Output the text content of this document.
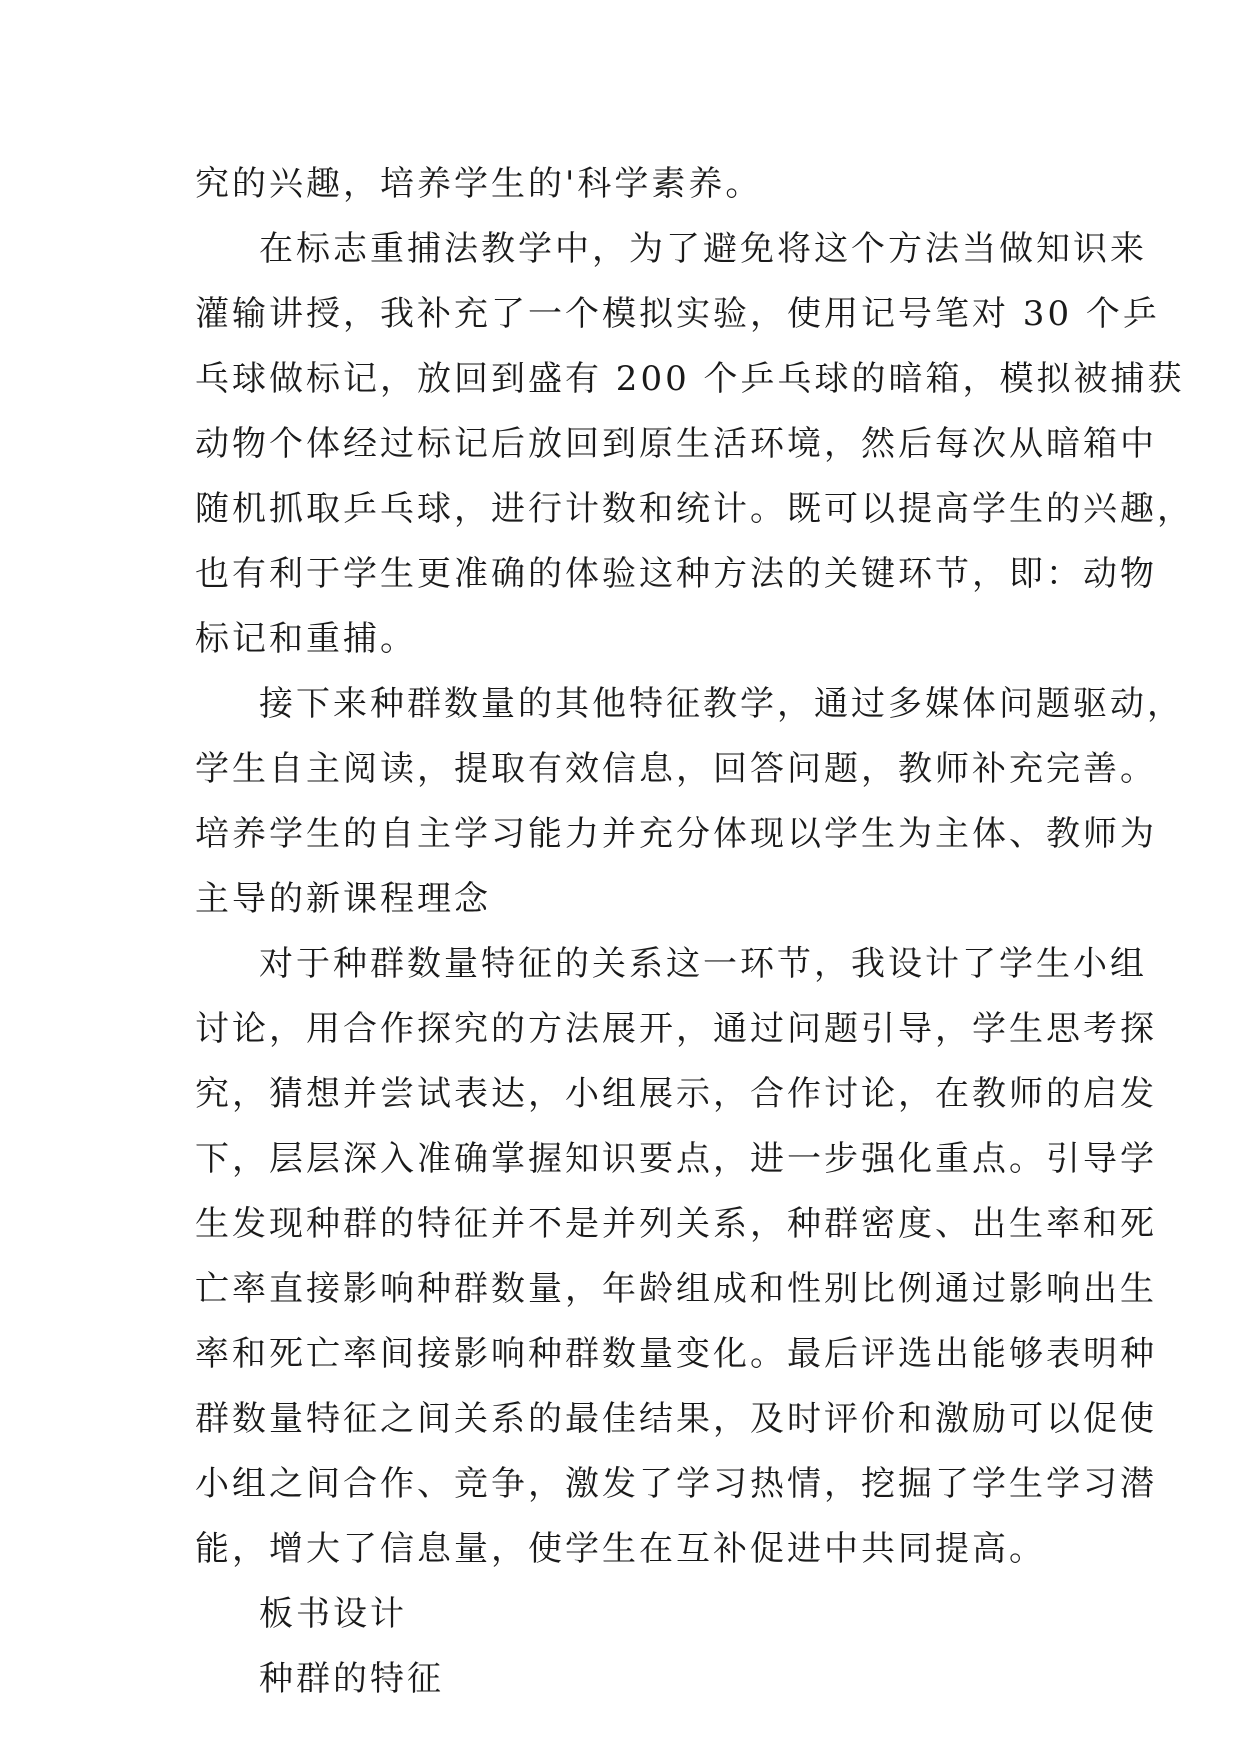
究的兴趣，培养学生的'科学素养。
在标志重捕法教学中，为了避免将这个方法当做知识来
灌输讲授，我补充了一个模拟实验，使用记号笔对 30 个乒
乓球做标记，放回到盛有 200 个乒乓球的暗箱，模拟被捕获
动物个体经过标记后放回到原生活环境，然后每次从暗箱中
随机抓取乒乓球，进行计数和统计。既可以提高学生的兴趣，
也有利于学生更准确的体验这种方法的关键环节，即：动物
标记和重捕。
接下来种群数量的其他特征教学，通过多媒体问题驱动，
学生自主阅读，提取有效信息，回答问题，教师补充完善。
培养学生的自主学习能力并充分体现以学生为主体、教师为
主导的新课程理念
对于种群数量特征的关系这一环节，我设计了学生小组
讨论，用合作探究的方法展开，通过问题引导，学生思考探
究，猜想并尝试表达，小组展示，合作讨论，在教师的启发
下，层层深入准确掌握知识要点，进一步强化重点。引导学
生发现种群的特征并不是并列关系，种群密度、出生率和死
亡率直接影响种群数量，年龄组成和性别比例通过影响出生
率和死亡率间接影响种群数量变化。最后评选出能够表明种
群数量特征之间关系的最佳结果，及时评价和激励可以促使
小组之间合作、竞争，激发了学习热情，挖掘了学生学习潜
能，增大了信息量，使学生在互补促进中共同提高。
板书设计
种群的特征
